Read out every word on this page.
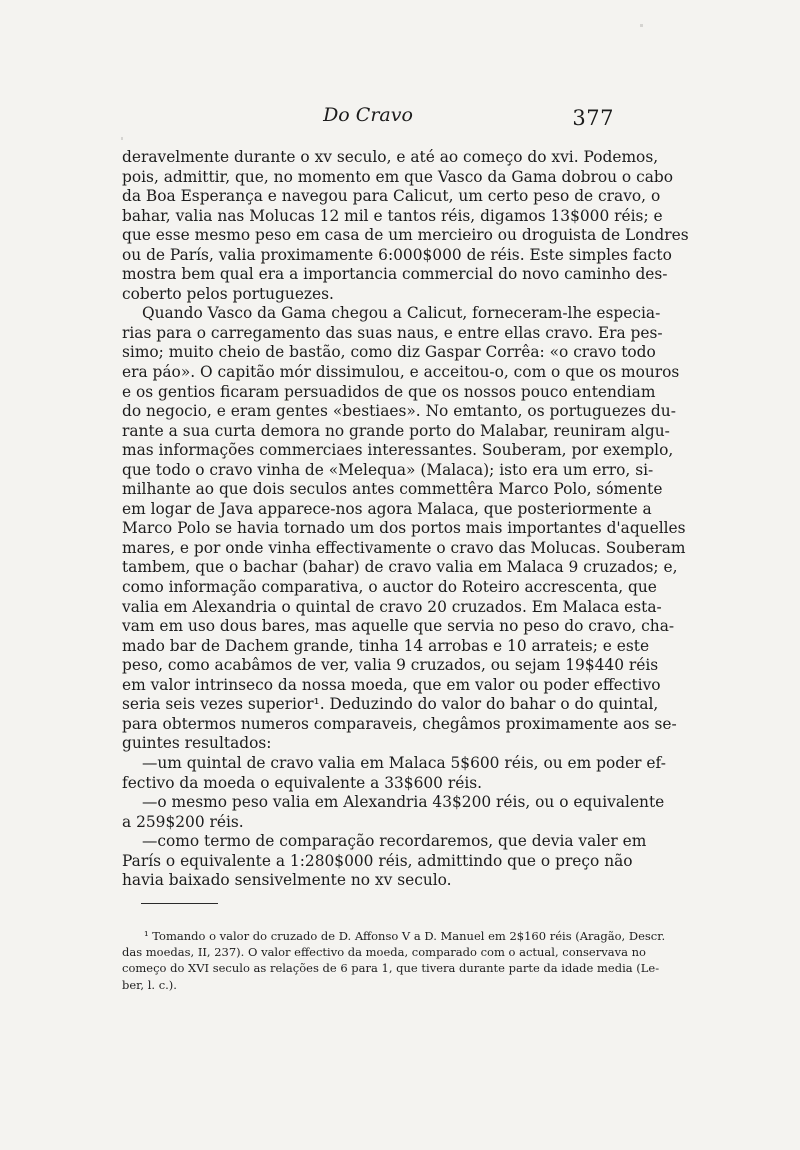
Do Cravo	377
deravelmente durante o xv seculo, e até ao começo do xvi. Podemos,
pois, admittir, que, no momento em que Vasco da Gama dobrou o cabo
da Boa Esperança e navegou para Calicut, um certo peso de cravo, o
bahar, valia nas Molucas 12 mil e tantos réis, digamos 13$000 réis; e
que esse mesmo peso em casa de um mercieiro ou droguista de Londres
ou de París, valia proximamente 6:000$000 de réis. Este simples facto
mostra bem qual era a importancia commercial do novo caminho des-
coberto pelos portuguezes.
Quando Vasco da Gama chegou a Calicut, forneceram-lhe especia-
rias para o carregamento das suas naus, e entre ellas cravo. Era pes-
simo; muito cheio de bastão, como diz Gaspar Corrêa: «o cravo todo
era páo». O capitão mór dissimulou, e acceitou-o, com o que os mouros
e os gentios ficaram persuadidos de que os nossos pouco entendiam
do negocio, e eram gentes «bestiaes». No emtanto, os portuguezes du-
rante a sua curta demora no grande porto do Malabar, reuniram algu-
mas informações commerciaes interessantes. Souberam, por exemplo,
que todo o cravo vinha de «Melequa» (Malaca); isto era um erro, si-
milhante ao que dois seculos antes commettêra Marco Polo, sómente
em logar de Java apparece-nos agora Malaca, que posteriormente a
Marco Polo se havia tornado um dos portos mais importantes d'aquelles
mares, e por onde vinha effectivamente o cravo das Molucas. Souberam
tambem, que o bachar (bahar) de cravo valia em Malaca 9 cruzados; e,
como informação comparativa, o auctor do Roteiro accrescenta, que
valia em Alexandria o quintal de cravo 20 cruzados. Em Malaca esta-
vam em uso dous bares, mas aquelle que servia no peso do cravo, cha-
mado bar de Dachem grande, tinha 14 arrobas e 10 arrateis; e este
peso, como acabâmos de ver, valia 9 cruzados, ou sejam 19$440 réis
em valor intrinseco da nossa moeda, que em valor ou poder effectivo
seria seis vezes superior¹. Deduzindo do valor do bahar o do quintal,
para obtermos numeros comparaveis, chegâmos proximamente aos se-
guintes resultados:
—um quintal de cravo valia em Malaca 5$600 réis, ou em poder ef-
fectivo da moeda o equivalente a 33$600 réis.
—o mesmo peso valia em Alexandria 43$200 réis, ou o equivalente
a 259$200 réis.
—como termo de comparação recordaremos, que devia valer em
París o equivalente a 1:280$000 réis, admittindo que o preço não
havia baixado sensivelmente no xv seculo.
¹ Tomando o valor do cruzado de D. Affonso V a D. Manuel em 2$160 réis (Aragão, Descr.
das moedas, II, 237). O valor effectivo da moeda, comparado com o actual, conservava no
começo do XVI seculo as relações de 6 para 1, que tivera durante parte da idade media (Le-
ber, l. c.).
